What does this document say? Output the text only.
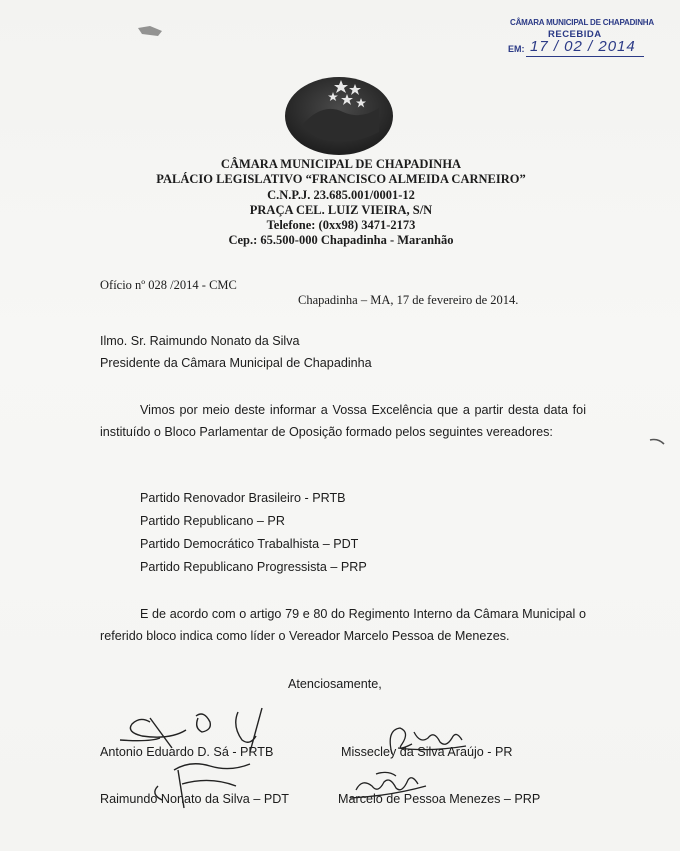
CÂMARA MUNICIPAL DE CHAPADINHA
RECEBIDA
EM: 17 / 02 / 2014
CÂMARA MUNICIPAL DE CHAPADINHA
PALÁCIO LEGISLATIVO “FRANCISCO ALMEIDA CARNEIRO”
C.N.P.J. 23.685.001/0001-12
PRAÇA CEL. LUIZ VIEIRA, S/N
Telefone: (0xx98) 3471-2173
Cep.: 65.500-000 Chapadinha - Maranhão
Ofício nº 028 /2014 - CMC
Chapadinha – MA, 17 de fevereiro de 2014.
Ilmo. Sr. Raimundo Nonato da Silva
Presidente da Câmara Municipal de Chapadinha
Vimos por meio deste informar a Vossa Excelência que a partir desta data foi instituído o Bloco Parlamentar de Oposição formado pelos seguintes vereadores:
Partido Renovador Brasileiro - PRTB
Partido Republicano – PR
Partido Democrático Trabalhista – PDT
Partido Republicano Progressista – PRP
E de acordo com o artigo 79 e 80 do Regimento Interno da Câmara Municipal o referido bloco indica como líder o Vereador Marcelo Pessoa de Menezes.
Atenciosamente,
Antonio Eduardo D. Sá - PRTB	Missecley da Silva Araújo - PR
Raimundo Nonato da Silva – PDT	Marcelo de Pessoa Menezes – PRP
